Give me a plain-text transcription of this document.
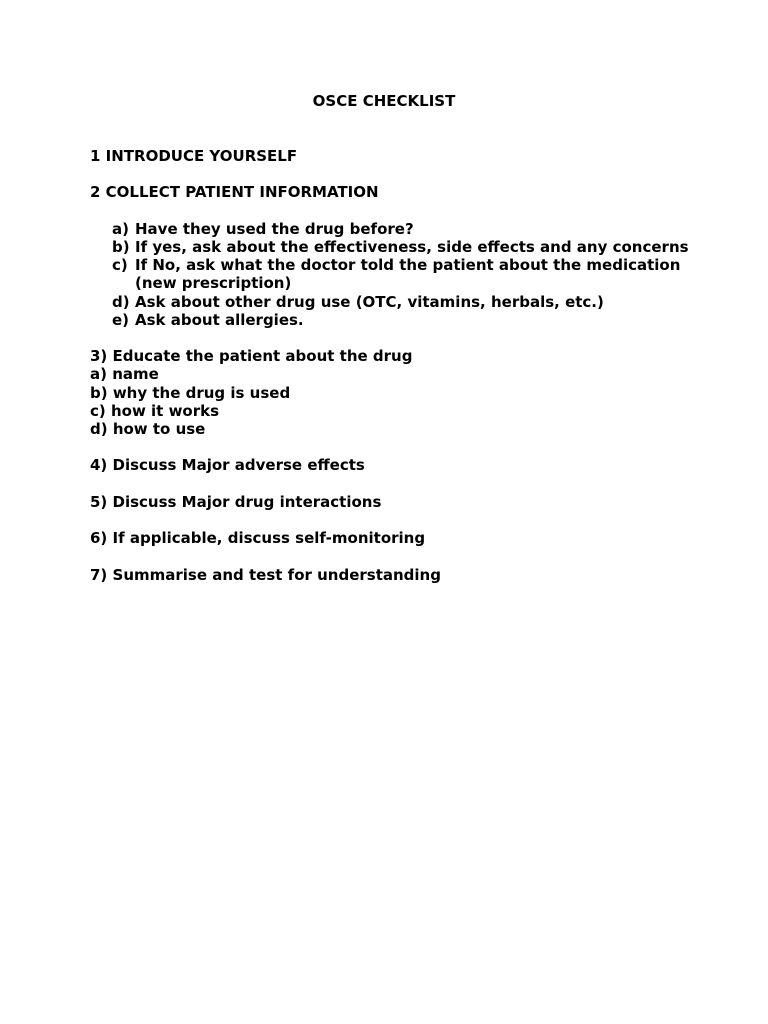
OSCE CHECKLIST

1 INTRODUCE YOURSELF

2 COLLECT PATIENT INFORMATION

a) Have they used the drug before?
b) If yes, ask about the effectiveness, side effects and any concerns
c) If No, ask what the doctor told the patient about the medication (new prescription)
d) Ask about other drug use (OTC, vitamins, herbals, etc.)
e) Ask about allergies.

3) Educate the patient about the drug

a) name

b) why the drug is used

c) how it works

d) how to use

4) Discuss Major adverse effects

5) Discuss Major drug interactions

6) If applicable, discuss self-monitoring

7) Summarise and test for understanding
